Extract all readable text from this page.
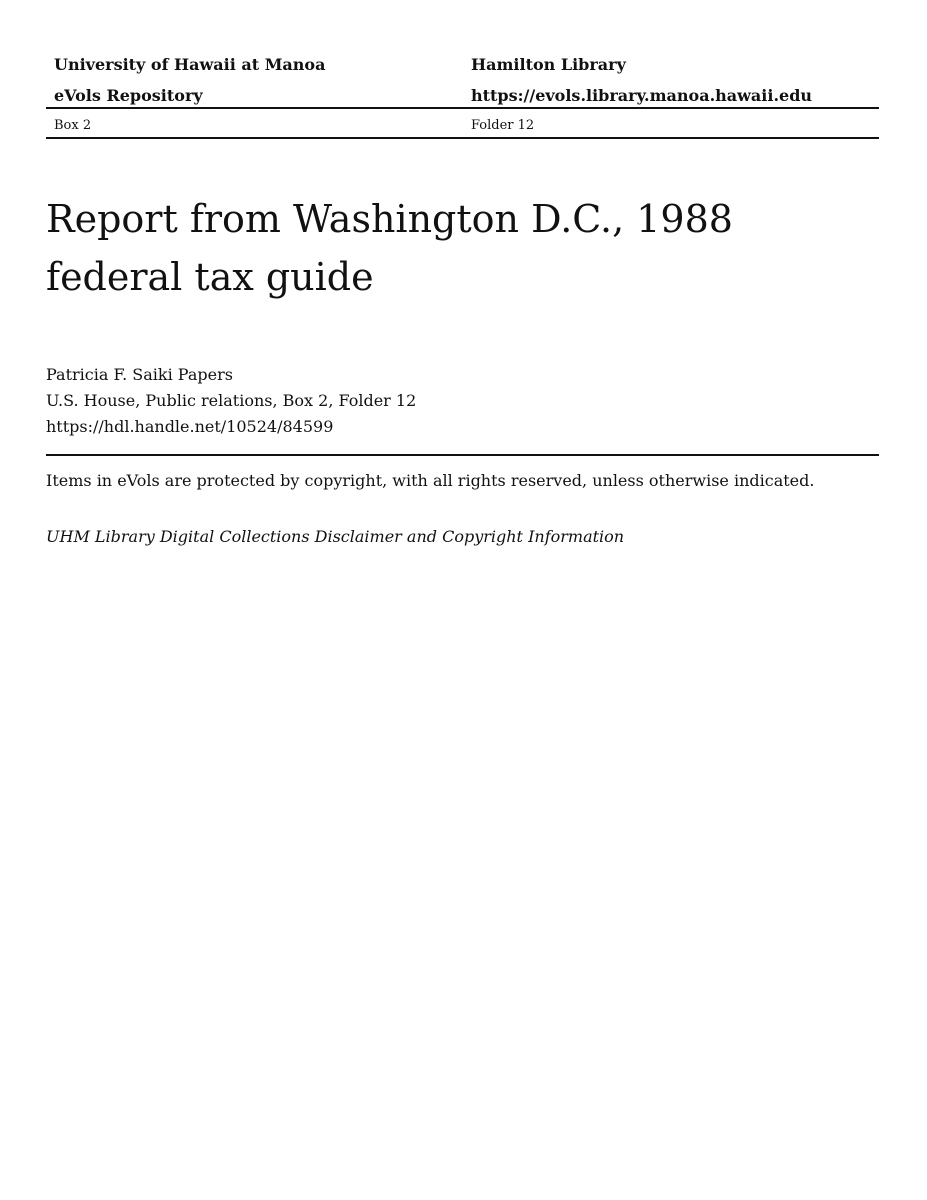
University of Hawaii at Manoa	Hamilton Library
eVols Repository	https://evols.library.manoa.hawaii.edu
Box 2	Folder 12
Report from Washington D.C., 1988 federal tax guide
Patricia F. Saiki Papers
U.S. House, Public relations, Box 2, Folder 12
https://hdl.handle.net/10524/84599
Items in eVols are protected by copyright, with all rights reserved, unless otherwise indicated.
UHM Library Digital Collections Disclaimer and Copyright Information
